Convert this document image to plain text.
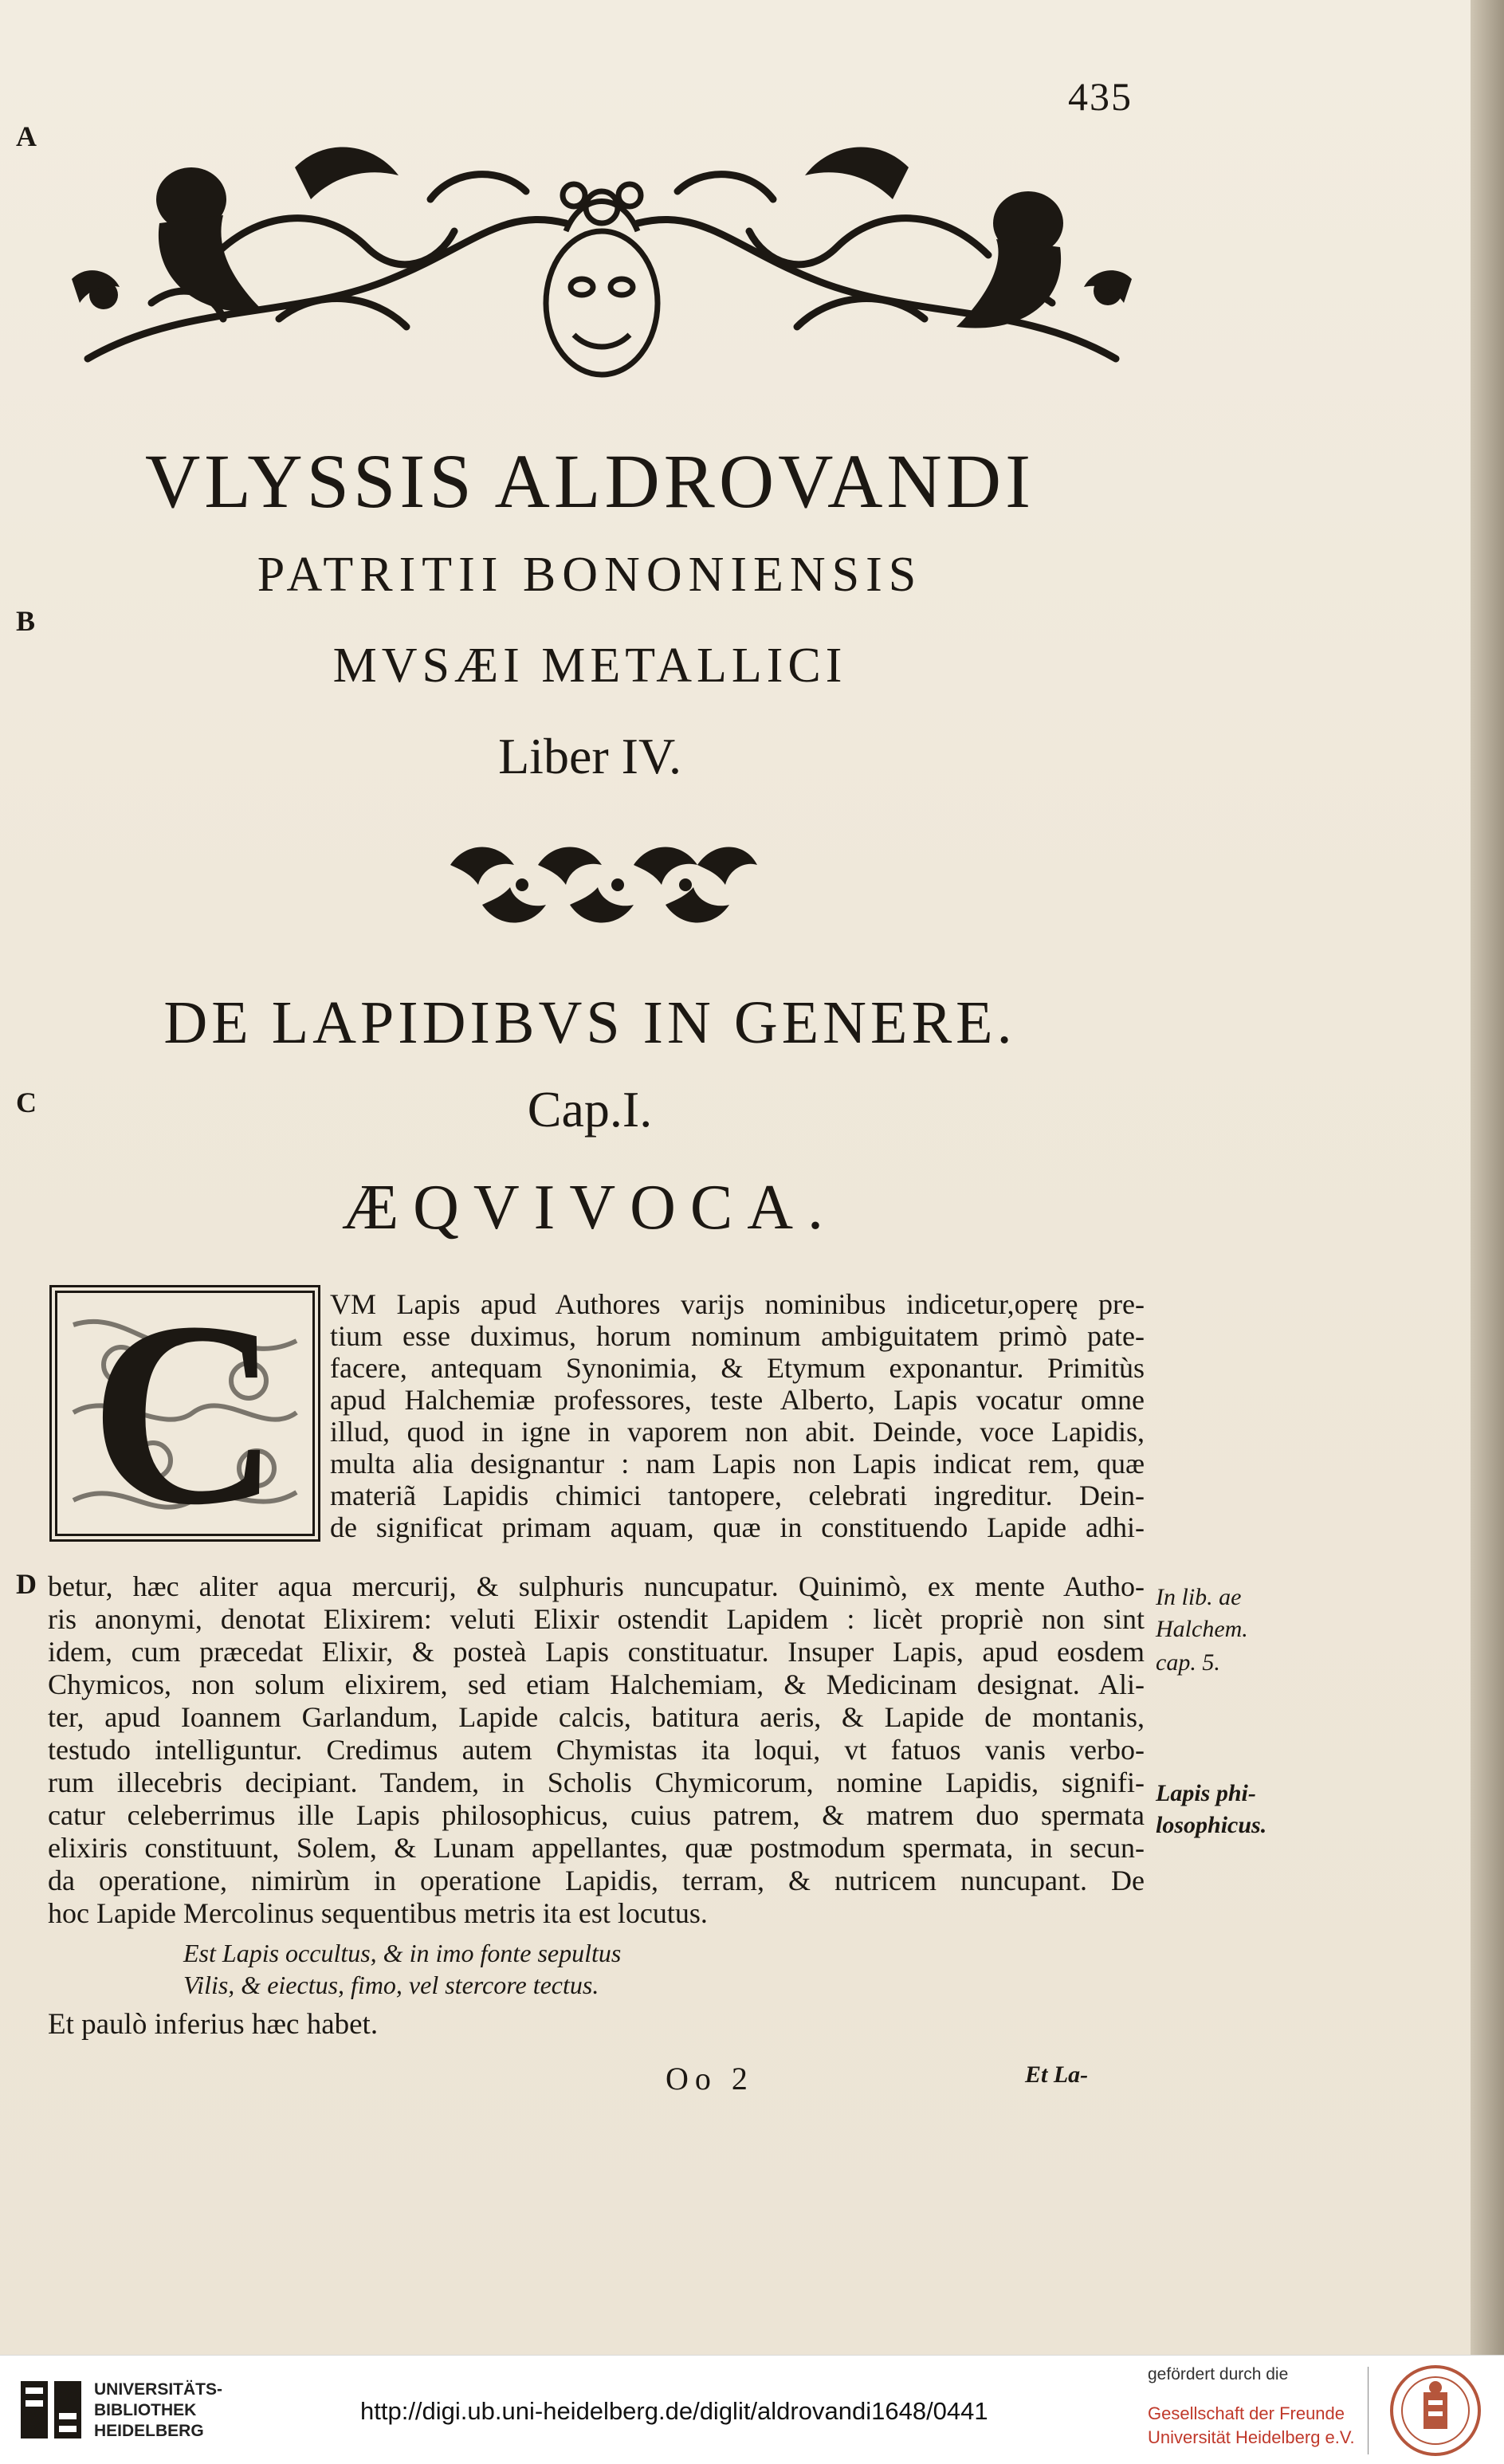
435
A
B
C
D
VLYSSIS ALDROVANDI
PATRITII BONONIENSIS
MVSÆI METALLICI
Liber IV.
DE LAPIDIBVS IN GENERE.
Cap.I.
ÆQVIVOCA.
C	VM Lapis apud Authores varijs nominibus indicetur,operę pre-
tium esse duximus, horum nominum ambiguitatem primò pate-
facere, antequam Synonimia, & Etymum exponantur. Primitùs
apud Halchemiæ professores, teste Alberto, Lapis vocatur omne
illud, quod in igne in vaporem non abit. Deinde, voce Lapidis,
multa alia designantur : nam Lapis non Lapis indicat rem, quæ
materiã Lapidis chimici tantopere, celebrati ingreditur. Dein-
de significat primam aquam, quæ in constituendo Lapide adhi-
betur, hæc aliter aqua mercurij, & sulphuris nuncupatur. Quinimò, ex mente Autho-
ris anonymi, denotat Elixirem: veluti Elixir ostendit Lapidem : licèt propriè non sint
idem, cum præcedat Elixir, & posteà Lapis constituatur. Insuper Lapis, apud eosdem
Chymicos, non solum elixirem, sed etiam Halchemiam, & Medicinam designat. Ali-
ter, apud Ioannem Garlandum, Lapide calcis, batitura aeris, & Lapide de montanis,
testudo intelliguntur. Credimus autem Chymistas ita loqui, vt fatuos vanis verbo-
rum illecebris decipiant. Tandem, in Scholis Chymicorum, nomine Lapidis, signifi-
catur celeberrimus ille Lapis philosophicus, cuius patrem, & matrem duo spermata
elixiris constituunt, Solem, & Lunam appellantes, quæ postmodum spermata, in secun-
da operatione, nimirùm in operatione Lapidis, terram, & nutricem nuncupant. De
hoc Lapide Mercolinus sequentibus metris ita est locutus.
Est Lapis occultus, & in imo fonte sepultus
Vilis, & eiectus, fimo, vel stercore tectus.
Et paulò inferius hæc habet.
In lib. ae
Halchem.
cap. 5.
Lapis phi-
losophicus.
Oo 2	Et La-
UNIVERSITÄTS-
BIBLIOTHEK
HEIDELBERG
http://digi.ub.uni-heidelberg.de/diglit/aldrovandi1648/0441
gefördert durch die
Gesellschaft der Freunde
Universität Heidelberg e.V.
